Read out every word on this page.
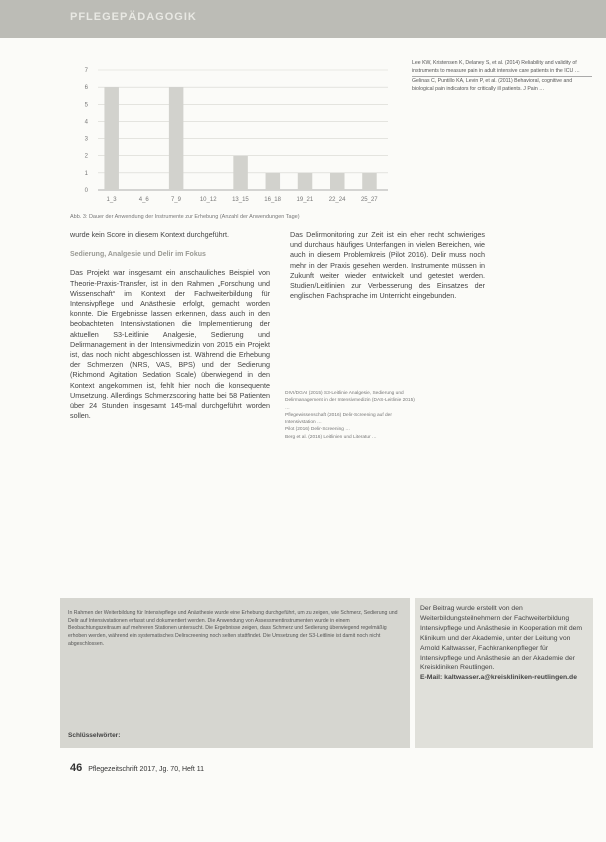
PFLEGEPÄDAGOGIK
0
1
2
3
4
5
6
7
1_3	4_6	7_9	10_12	13_15	16_18	19_21	22_24	25_27
Abb. 3: Dauer der Anwendung der Instrumente zur Erhebung (Anzahl der Anwendungen Tage)
Lee KW, Kristensen K, Delaney S, et al. (2014) Reliability and validity of instruments to measure pain in adult intensive care patients in the ICU …
Gelinas C, Puntillo KA, Levin P, et al. (2011) Behavioral, cognitive and biological pain indicators for critically ill patients. J Pain …
wurde kein Score in diesem Kontext durchgeführt.
Sedierung, Analgesie und Delir im Fokus
Das Projekt war insgesamt ein anschauliches Beispiel von Theorie-Praxis-Transfer, ist in den Rahmen „Forschung und Wissenschaft“ im Kontext der Fachweiterbildung für Intensivpflege und Anästhesie erfolgt, gemacht worden konnte. Die Ergebnisse lassen erkennen, dass auch in den beobachteten Intensivstationen die Implementierung der aktuellen S3-Leitlinie Analgesie, Sedierung und Delirmanagement in der Intensivmedizin von 2015 ein Projekt ist, das noch nicht abgeschlossen ist. Während die Erhebung der Schmerzen (NRS, VAS, BPS) und der Sedierung (Richmond Agitation Sedation Scale) überwiegend in den Kontext angekommen ist, fehlt hier noch die konsequente Umsetzung. Allerdings Schmerzscoring hatte bei 58 Patienten über 24 Stunden insgesamt 145-mal durchgeführt worden sollen.
Das Delirmonitoring zur Zeit ist ein eher recht schwieriges und durchaus häufiges Unterfangen in vielen Bereichen, wie auch in diesem Problemkreis (Pilot 2016). Delir muss noch mehr in der Praxis gesehen werden. Instrumente müssen in Zukunft weiter wieder entwickelt und getestet werden. Studien/Leitlinien zur Verbesserung des Einsatzes der englischen Fachsprache im Unterricht eingebunden.
DIVI/DGAI (2015) S3-Leitlinie Analgesie, Sedierung und Delirmanagement in der Intensivmedizin (DAS-Leitlinie 2015) …
Pflegewissenschaft (2016) Delir-Screening auf der Intensivstation …
Pilot (2016) Delir-Screening …
Berg et al. (2016) Leitlinien und Literatur …
In Rahmen der Weiterbildung für Intensivpflege und Anästhesie wurde eine Erhebung durchgeführt, um zu zeigen, wie Schmerz, Sedierung und Delir auf Intensivstationen erfasst und dokumentiert werden. Die Anwendung von Assessmentinstrumenten wurde in einem Beobachtungszeitraum auf mehreren Stationen untersucht. Die Ergebnisse zeigen, dass Schmerz und Sedierung überwiegend regelmäßig erhoben werden, während ein systematisches Delirscreening noch selten stattfindet. Die Umsetzung der S3-Leitlinie ist damit noch nicht abgeschlossen.
Schlüsselwörter:
Der Beitrag wurde erstellt von den Weiterbildungsteilnehmern der Fachweiterbildung Intensivpflege und Anästhesie in Kooperation mit dem Klinikum und der Akademie, unter der Leitung von Arnold Kaltwasser, Fachkrankenpfleger für Intensivpflege und Anästhesie an der Akademie der Kreiskliniken Reutlingen.
E-Mail: kaltwasser.a@kreiskliniken-reutlingen.de
46 Pflegezeitschrift 2017, Jg. 70, Heft 11
